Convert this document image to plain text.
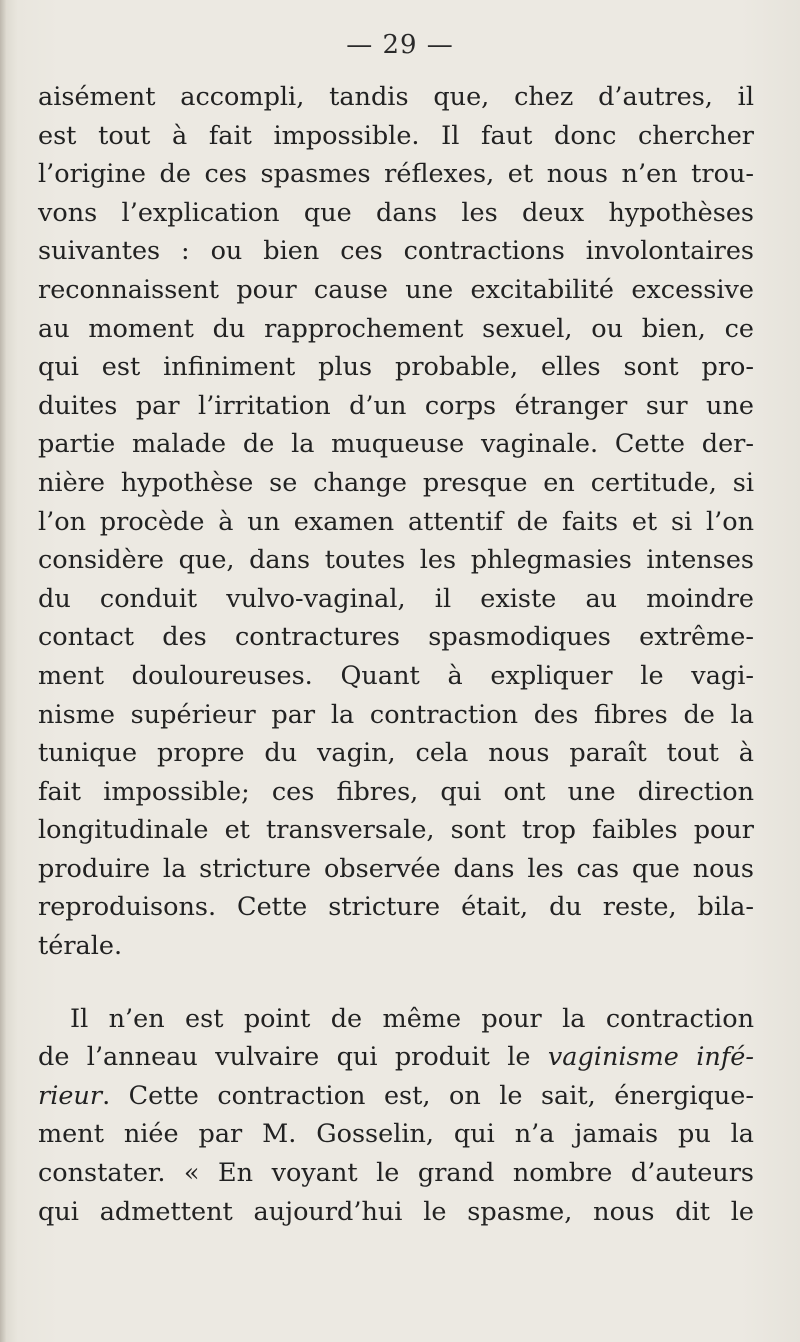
— 29 —
aisément accompli, tandis que, chez d’autres, il
est tout à fait impossible. Il faut donc chercher
l’origine de ces spasmes réflexes, et nous n’en trou-
vons l’explication que dans les deux hypothèses
suivantes : ou bien ces contractions involontaires
reconnaissent pour cause une excitabilité excessive
au moment du rapprochement sexuel, ou bien, ce
qui est infiniment plus probable, elles sont pro-
duites par l’irritation d’un corps étranger sur une
partie malade de la muqueuse vaginale. Cette der-
nière hypothèse se change presque en certitude, si
l’on procède à un examen attentif de faits et si l’on
considère que, dans toutes les phlegmasies intenses
du conduit vulvo-vaginal, il existe au moindre
contact des contractures spasmodiques extrême-
ment douloureuses. Quant à expliquer le vagi-
nisme supérieur par la contraction des fibres de la
tunique propre du vagin, cela nous paraît tout à
fait impossible; ces fibres, qui ont une direction
longitudinale et transversale, sont trop faibles pour
produire la stricture observée dans les cas que nous
reproduisons. Cette stricture était, du reste, bila-
térale.
Il n’en est point de même pour la contraction
de l’anneau vulvaire qui produit le vaginisme infé-
rieur. Cette contraction est, on le sait, énergique-
ment niée par M. Gosselin, qui n’a jamais pu la
constater. « En voyant le grand nombre d’auteurs
qui admettent aujourd’hui le spasme, nous dit le
